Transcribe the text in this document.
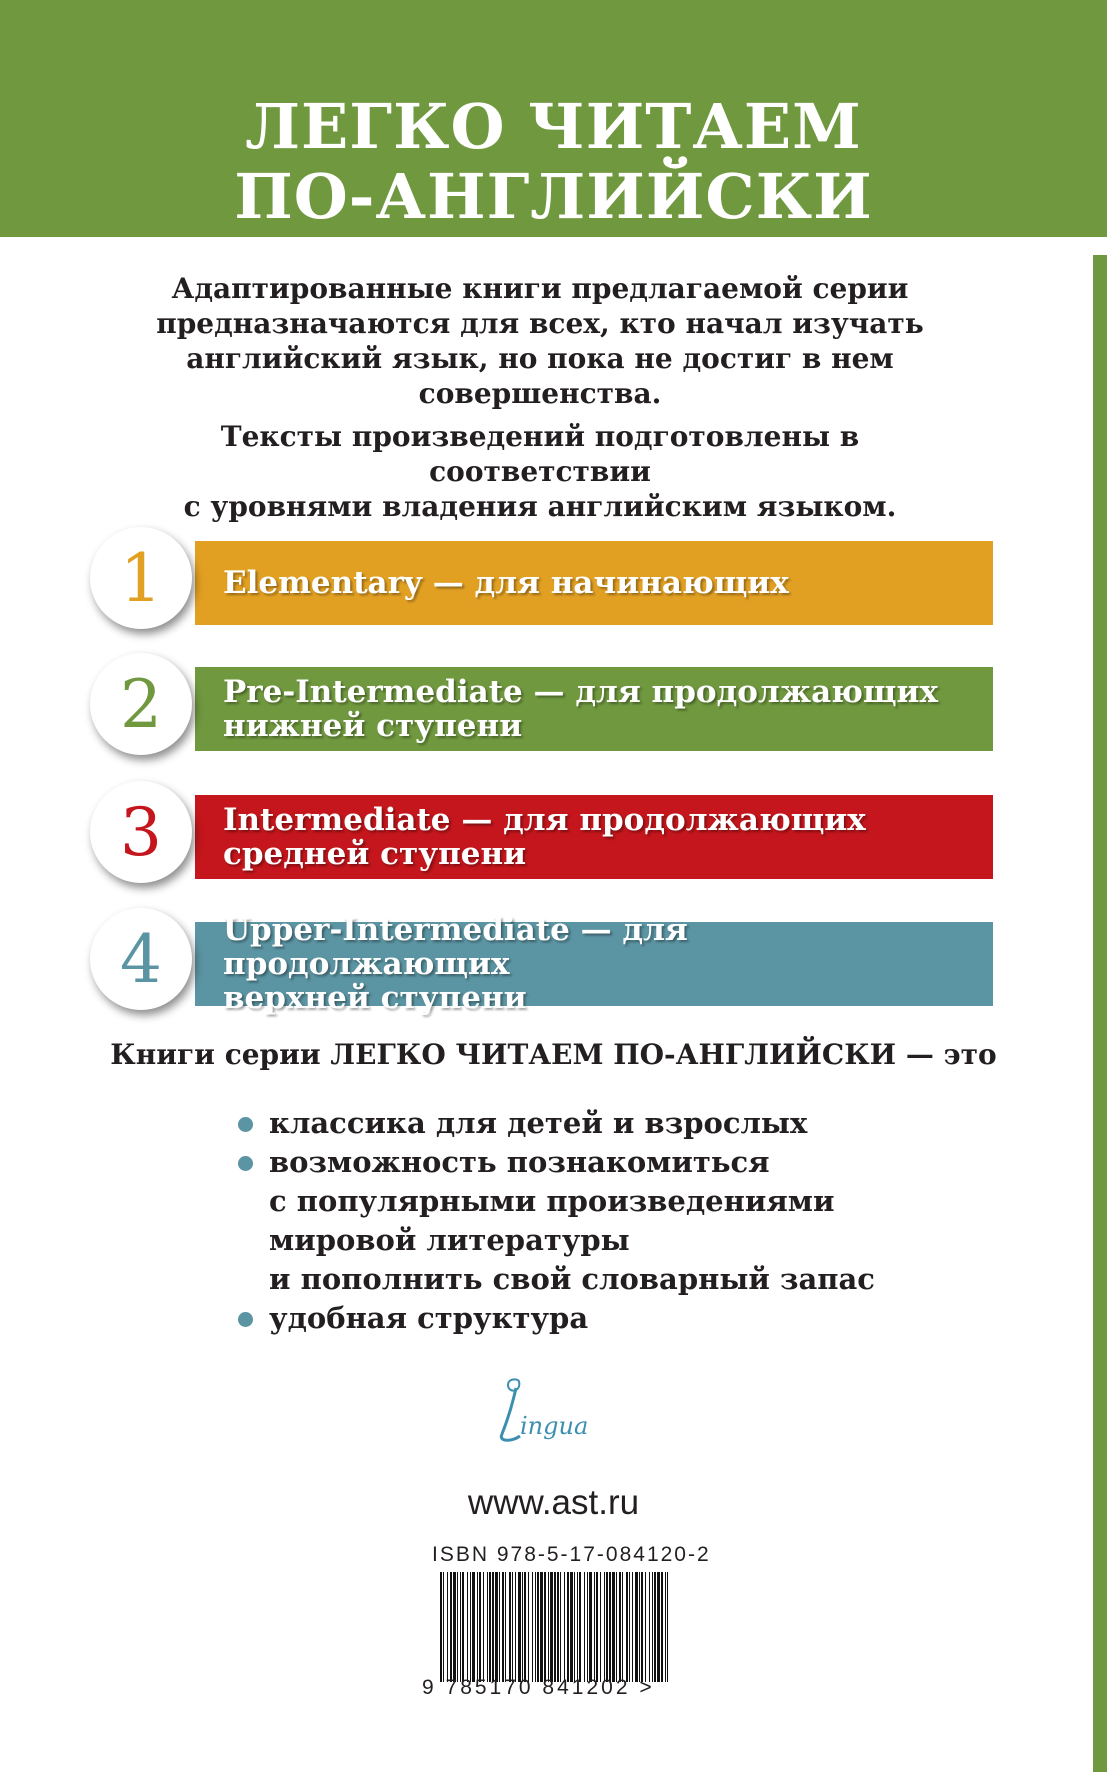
ЛЕГКО ЧИТАЕМ
ПО-АНГЛИЙСКИ
Адаптированные книги предлагаемой серии
предназначаются для всех, кто начал изучать
английский язык, но пока не достиг в нем
совершенства.
Тексты произведений подготовлены в соответствии
с уровнями владения английским языком.
1	Elementary — для начинающих
2	Pre-Intermediate — для продолжающих
нижней ступени
3	Intermediate — для продолжающих
средней ступени
4	Upper-Intermediate — для продолжающих
верхней ступени
Книги серии ЛЕГКО ЧИТАЕМ ПО-АНГЛИЙСКИ — это
классика для детей и взрослых
возможность познакомиться
с популярными произведениями
мировой литературы
и пополнить свой словарный запас
удобная структура
ingua
www.ast.ru
ISBN 978-5-17-084120-2
9 785170 841202 >
